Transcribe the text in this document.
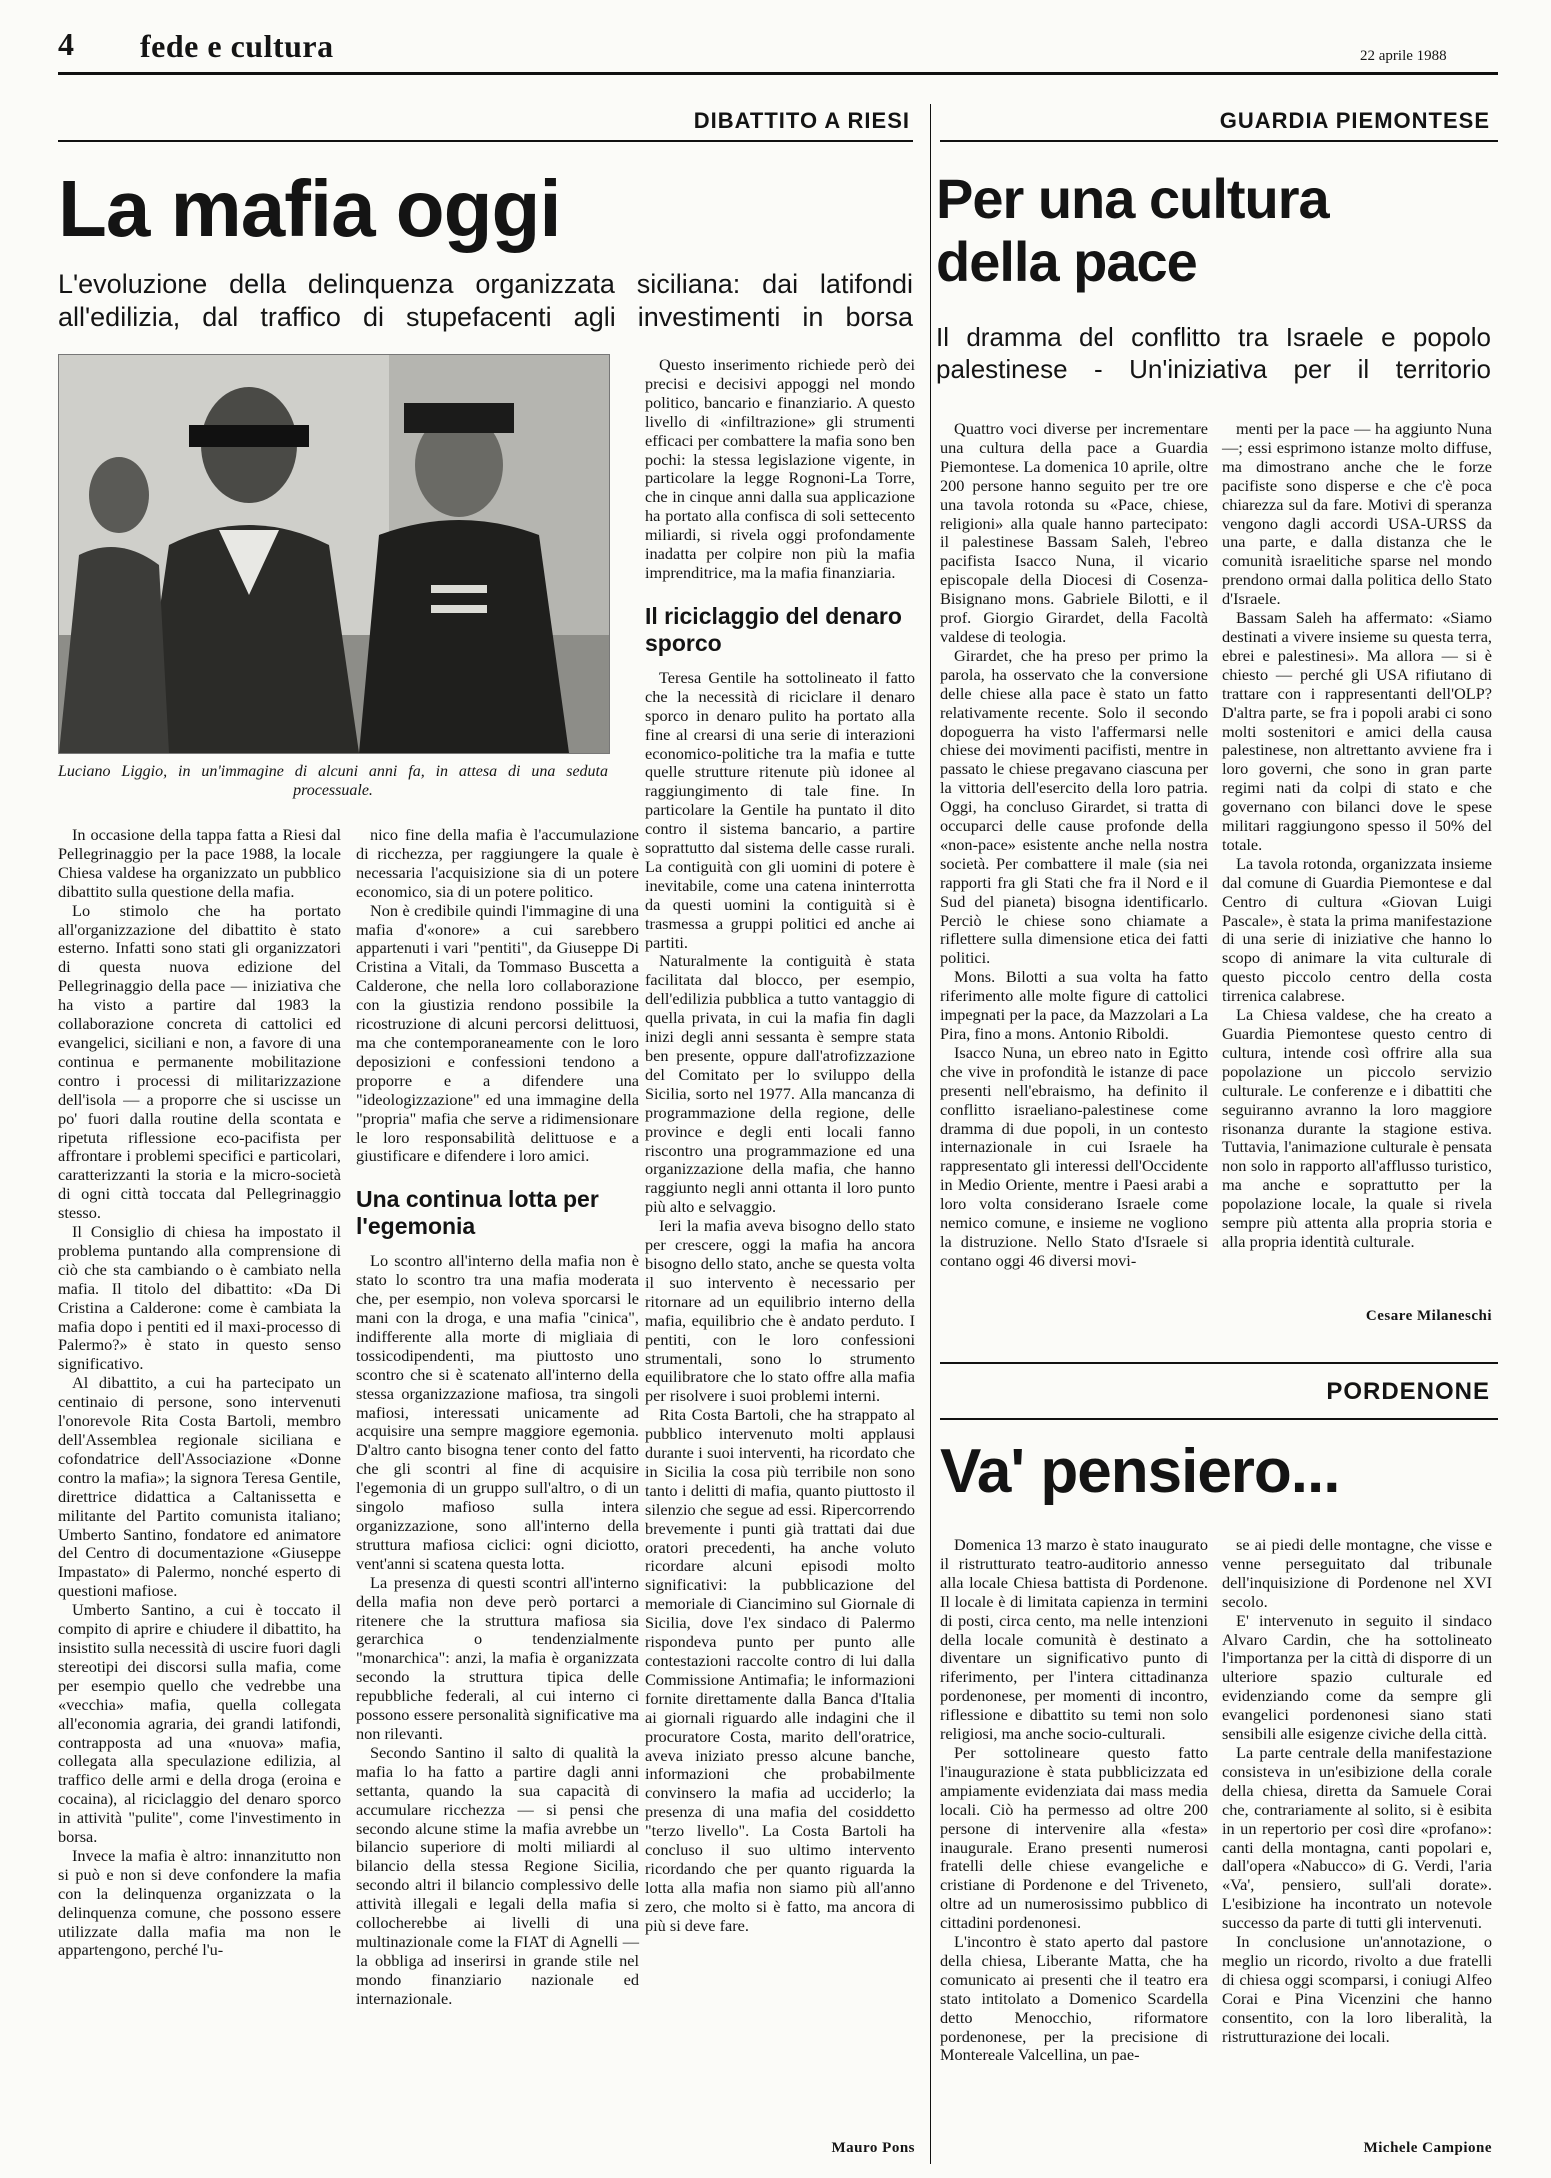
4 fede e cultura	22 aprile 1988
DIBATTITO A RIESI
La mafia oggi
L'evoluzione della delinquenza organizzata siciliana: dai latifondi all'edilizia, dal traffico di stupefacenti agli investimenti in borsa
Luciano Liggio, in un'immagine di alcuni anni fa, in attesa di una seduta processuale.

In occasione della tappa fatta a Riesi dal Pellegrinaggio per la pace 1988, la locale Chiesa valdese ha organizzato un pubblico dibattito sulla questione della mafia.

Lo stimolo che ha portato all'organizzazione del dibattito è stato esterno. Infatti sono stati gli organizzatori di questa nuova edizione del Pellegrinaggio della pace — iniziativa che ha visto a partire dal 1983 la collaborazione concreta di cattolici ed evangelici, siciliani e non, a favore di una continua e permanente mobilitazione contro i processi di militarizzazione dell'isola — a proporre che si uscisse un po' fuori dalla routine della scontata e ripetuta riflessione eco-pacifista per affrontare i problemi specifici e particolari, caratterizzanti la storia e la micro-società di ogni città toccata dal Pellegrinaggio stesso.

Il Consiglio di chiesa ha impostato il problema puntando alla comprensione di ciò che sta cambiando o è cambiato nella mafia. Il titolo del dibattito: «Da Di Cristina a Calderone: come è cambiata la mafia dopo i pentiti ed il maxi-processo di Palermo?» è stato in questo senso significativo.

Al dibattito, a cui ha partecipato un centinaio di persone, sono intervenuti l'onorevole Rita Costa Bartoli, membro dell'Assemblea regionale siciliana e cofondatrice dell'Associazione «Donne contro la mafia»; la signora Teresa Gentile, direttrice didattica a Caltanissetta e militante del Partito comunista italiano; Umberto Santino, fondatore ed animatore del Centro di documentazione «Giuseppe Impastato» di Palermo, nonché esperto di questioni mafiose.

Umberto Santino, a cui è toccato il compito di aprire e chiudere il dibattito, ha insistito sulla necessità di uscire fuori dagli stereotipi dei discorsi sulla mafia, come per esempio quello che vedrebbe una «vecchia» mafia, quella collegata all'economia agraria, dei grandi latifondi, contrapposta ad una «nuova» mafia, collegata alla speculazione edilizia, al traffico delle armi e della droga (eroina e cocaina), al riciclaggio del denaro sporco in attività "pulite", come l'investimento in borsa.

Invece la mafia è altro: innanzitutto non si può e non si deve confondere la mafia con la delinquenza organizzata o la delinquenza comune, che possono essere utilizzate dalla mafia ma non le appartengono, perché l'u-

nico fine della mafia è l'accumulazione di ricchezza, per raggiungere la quale è necessaria l'acquisizione sia di un potere economico, sia di un potere politico.

Non è credibile quindi l'immagine di una mafia d'«onore» a cui sarebbero appartenuti i vari "pentiti", da Giuseppe Di Cristina a Vitali, da Tommaso Buscetta a Calderone, che nella loro collaborazione con la giustizia rendono possibile la ricostruzione di alcuni percorsi delittuosi, ma che contemporaneamente con le loro deposizioni e confessioni tendono a proporre e a difendere una "ideologizzazione" ed una immagine della "propria" mafia che serve a ridimensionare le loro responsabilità delittuose e a giustificare e difendere i loro amici.

Una continua lotta per l'egemonia

Lo scontro all'interno della mafia non è stato lo scontro tra una mafia moderata che, per esempio, non voleva sporcarsi le mani con la droga, e una mafia "cinica", indifferente alla morte di migliaia di tossicodipendenti, ma piuttosto uno scontro che si è scatenato all'interno della stessa organizzazione mafiosa, tra singoli mafiosi, interessati unicamente ad acquisire una sempre maggiore egemonia. D'altro canto bisogna tener conto del fatto che gli scontri al fine di acquisire l'egemonia di un gruppo sull'altro, o di un singolo mafioso sulla intera organizzazione, sono all'interno della struttura mafiosa ciclici: ogni diciotto, vent'anni si scatena questa lotta.

La presenza di questi scontri all'interno della mafia non deve però portarci a ritenere che la struttura mafiosa sia gerarchica o tendenzialmente "monarchica": anzi, la mafia è organizzata secondo la struttura tipica delle repubbliche federali, al cui interno ci possono essere personalità significative ma non rilevanti.

Secondo Santino il salto di qualità la mafia lo ha fatto a partire dagli anni settanta, quando la sua capacità di accumulare ricchezza — si pensi che secondo alcune stime la mafia avrebbe un bilancio superiore di molti miliardi al bilancio della stessa Regione Sicilia, secondo altri il bilancio complessivo delle attività illegali e legali della mafia si collocherebbe ai livelli di una multinazionale come la FIAT di Agnelli — la obbliga ad inserirsi in grande stile nel mondo finanziario nazionale ed internazionale.

Questo inserimento richiede però dei precisi e decisivi appoggi nel mondo politico, bancario e finanziario. A questo livello di «infiltrazione» gli strumenti efficaci per combattere la mafia sono ben pochi: la stessa legislazione vigente, in particolare la legge Rognoni-La Torre, che in cinque anni dalla sua applicazione ha portato alla confisca di soli settecento miliardi, si rivela oggi profondamente inadatta per colpire non più la mafia imprenditrice, ma la mafia finanziaria.

Il riciclaggio del denaro sporco

Teresa Gentile ha sottolineato il fatto che la necessità di riciclare il denaro sporco in denaro pulito ha portato alla fine al crearsi di una serie di interazioni economico-politiche tra la mafia e tutte quelle strutture ritenute più idonee al raggiungimento di tale fine. In particolare la Gentile ha puntato il dito contro il sistema bancario, a partire soprattutto dal sistema delle casse rurali. La contiguità con gli uomini di potere è inevitabile, come una catena ininterrotta da questi uomini la contiguità si è trasmessa a gruppi politici ed anche ai partiti.

Naturalmente la contiguità è stata facilitata dal blocco, per esempio, dell'edilizia pubblica a tutto vantaggio di quella privata, in cui la mafia fin dagli inizi degli anni sessanta è sempre stata ben presente, oppure dall'atrofizzazione del Comitato per lo sviluppo della Sicilia, sorto nel 1977. Alla mancanza di programmazione della regione, delle province e degli enti locali fanno riscontro una programmazione ed una organizzazione della mafia, che hanno raggiunto negli anni ottanta il loro punto più alto e selvaggio.

Ieri la mafia aveva bisogno dello stato per crescere, oggi la mafia ha ancora bisogno dello stato, anche se questa volta il suo intervento è necessario per ritornare ad un equilibrio interno della mafia, equilibrio che è andato perduto. I pentiti, con le loro confessioni strumentali, sono lo strumento equilibratore che lo stato offre alla mafia per risolvere i suoi problemi interni.

Rita Costa Bartoli, che ha strappato al pubblico intervenuto molti applausi durante i suoi interventi, ha ricordato che in Sicilia la cosa più terribile non sono tanto i delitti di mafia, quanto piuttosto il silenzio che segue ad essi. Ripercorrendo brevemente i punti già trattati dai due oratori precedenti, ha anche voluto ricordare alcuni episodi molto significativi: la pubblicazione del memoriale di Ciancimino sul Giornale di Sicilia, dove l'ex sindaco di Palermo rispondeva punto per punto alle contestazioni raccolte contro di lui dalla Commissione Antimafia; le informazioni fornite direttamente dalla Banca d'Italia ai giornali riguardo alle indagini che il procuratore Costa, marito dell'oratrice, aveva iniziato presso alcune banche, informazioni che probabilmente convinsero la mafia ad ucciderlo; la presenza di una mafia del cosiddetto "terzo livello". La Costa Bartoli ha concluso il suo ultimo intervento ricordando che per quanto riguarda la lotta alla mafia non siamo più all'anno zero, che molto si è fatto, ma ancora di più si deve fare.

Mauro Pons
GUARDIA PIEMONTESE
Per una cultura della pace
Il dramma del conflitto tra Israele e popolo palestinese - Un'iniziativa per il territorio

Quattro voci diverse per incrementare una cultura della pace a Guardia Piemontese. La domenica 10 aprile, oltre 200 persone hanno seguito per tre ore una tavola rotonda su «Pace, chiese, religioni» alla quale hanno partecipato: il palestinese Bassam Saleh, l'ebreo pacifista Isacco Nuna, il vicario episcopale della Diocesi di Cosenza-Bisignano mons. Gabriele Bilotti, e il prof. Giorgio Girardet, della Facoltà valdese di teologia.

Girardet, che ha preso per primo la parola, ha osservato che la conversione delle chiese alla pace è stato un fatto relativamente recente. Solo il secondo dopoguerra ha visto l'affermarsi nelle chiese dei movimenti pacifisti, mentre in passato le chiese pregavano ciascuna per la vittoria dell'esercito della loro patria. Oggi, ha concluso Girardet, si tratta di occuparci delle cause profonde della «non-pace» esistente anche nella nostra società. Per combattere il male (sia nei rapporti fra gli Stati che fra il Nord e il Sud del pianeta) bisogna identificarlo. Perciò le chiese sono chiamate a riflettere sulla dimensione etica dei fatti politici.

Mons. Bilotti a sua volta ha fatto riferimento alle molte figure di cattolici impegnati per la pace, da Mazzolari a La Pira, fino a mons. Antonio Riboldi.

Isacco Nuna, un ebreo nato in Egitto che vive in profondità le istanze di pace presenti nell'ebraismo, ha definito il conflitto israeliano-palestinese come dramma di due popoli, in un contesto internazionale in cui Israele ha rappresentato gli interessi dell'Occidente in Medio Oriente, mentre i Paesi arabi a loro volta considerano Israele come nemico comune, e insieme ne vogliono la distruzione. Nello Stato d'Israele si contano oggi 46 diversi movi-

menti per la pace — ha aggiunto Nuna —; essi esprimono istanze molto diffuse, ma dimostrano anche che le forze pacifiste sono disperse e che c'è poca chiarezza sul da fare. Motivi di speranza vengono dagli accordi USA-URSS da una parte, e dalla distanza che le comunità israelitiche sparse nel mondo prendono ormai dalla politica dello Stato d'Israele.

Bassam Saleh ha affermato: «Siamo destinati a vivere insieme su questa terra, ebrei e palestinesi». Ma allora — si è chiesto — perché gli USA rifiutano di trattare con i rappresentanti dell'OLP? D'altra parte, se fra i popoli arabi ci sono molti sostenitori e amici della causa palestinese, non altrettanto avviene fra i loro governi, che sono in gran parte regimi nati da colpi di stato e che governano con bilanci dove le spese militari raggiungono spesso il 50% del totale.

La tavola rotonda, organizzata insieme dal comune di Guardia Piemontese e dal Centro di cultura «Giovan Luigi Pascale», è stata la prima manifestazione di una serie di iniziative che hanno lo scopo di animare la vita culturale di questo piccolo centro della costa tirrenica calabrese.

La Chiesa valdese, che ha creato a Guardia Piemontese questo centro di cultura, intende così offrire alla sua popolazione un piccolo servizio culturale. Le conferenze e i dibattiti che seguiranno avranno la loro maggiore risonanza durante la stagione estiva. Tuttavia, l'animazione culturale è pensata non solo in rapporto all'afflusso turistico, ma anche e soprattutto per la popolazione locale, la quale si rivela sempre più attenta alla propria storia e alla propria identità culturale.

Cesare Milaneschi
PORDENONE
Va' pensiero...

Domenica 13 marzo è stato inaugurato il ristrutturato teatro-auditorio annesso alla locale Chiesa battista di Pordenone. Il locale è di limitata capienza in termini di posti, circa cento, ma nelle intenzioni della locale comunità è destinato a diventare un significativo punto di riferimento, per l'intera cittadinanza pordenonese, per momenti di incontro, riflessione e dibattito su temi non solo religiosi, ma anche socio-culturali.

Per sottolineare questo fatto l'inaugurazione è stata pubblicizzata ed ampiamente evidenziata dai mass media locali. Ciò ha permesso ad oltre 200 persone di intervenire alla «festa» inaugurale. Erano presenti numerosi fratelli delle chiese evangeliche e cristiane di Pordenone e del Triveneto, oltre ad un numerosissimo pubblico di cittadini pordenonesi.

L'incontro è stato aperto dal pastore della chiesa, Liberante Matta, che ha comunicato ai presenti che il teatro era stato intitolato a Domenico Scardella detto Menocchio, riformatore pordenonese, per la precisione di Montereale Valcellina, un pae-

se ai piedi delle montagne, che visse e venne perseguitato dal tribunale dell'inquisizione di Pordenone nel XVI secolo.

E' intervenuto in seguito il sindaco Alvaro Cardin, che ha sottolineato l'importanza per la città di disporre di un ulteriore spazio culturale ed evidenziando come da sempre gli evangelici pordenonesi siano stati sensibili alle esigenze civiche della città.

La parte centrale della manifestazione consisteva in un'esibizione della corale della chiesa, diretta da Samuele Corai che, contrariamente al solito, si è esibita in un repertorio per così dire «profano»: canti della montagna, canti popolari e, dall'opera «Nabucco» di G. Verdi, l'aria «Va', pensiero, sull'ali dorate». L'esibizione ha incontrato un notevole successo da parte di tutti gli intervenuti.

In conclusione un'annotazione, o meglio un ricordo, rivolto a due fratelli di chiesa oggi scomparsi, i coniugi Alfeo Corai e Pina Vicenzini che hanno consentito, con la loro liberalità, la ristrutturazione dei locali.

Michele Campione
